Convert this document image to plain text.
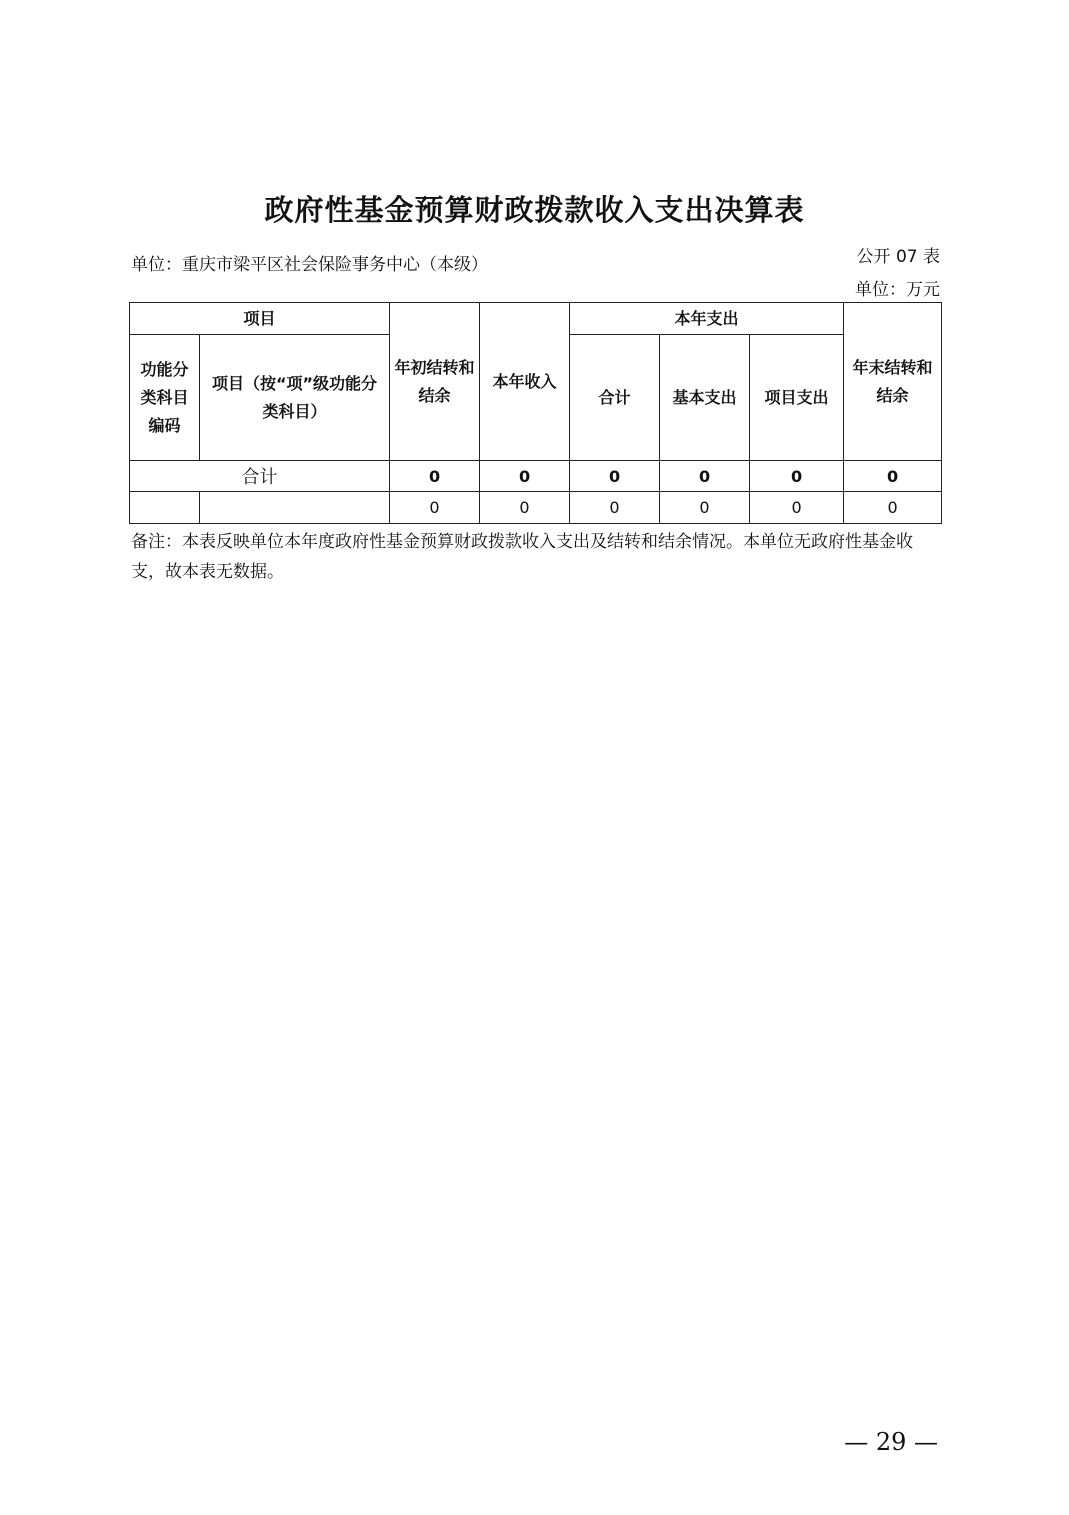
政府性基金预算财政拨款收入支出决算表
单位：重庆市梁平区社会保险事务中心（本级）	公开 07 表
单位：万元
项目		年初结转和结余	本年收入	本年支出			年末结转和结余
功能分类科目编码	项目（按“项”级功能分类科目）			合计	基本支出	项目支出	
合计		0	0	0	0	0	0
		0	0	0	0	0	0
备注：本表反映单位本年度政府性基金预算财政拨款收入支出及结转和结余情况。本单位无政府性基金收支，故本表无数据。
— 29 —
